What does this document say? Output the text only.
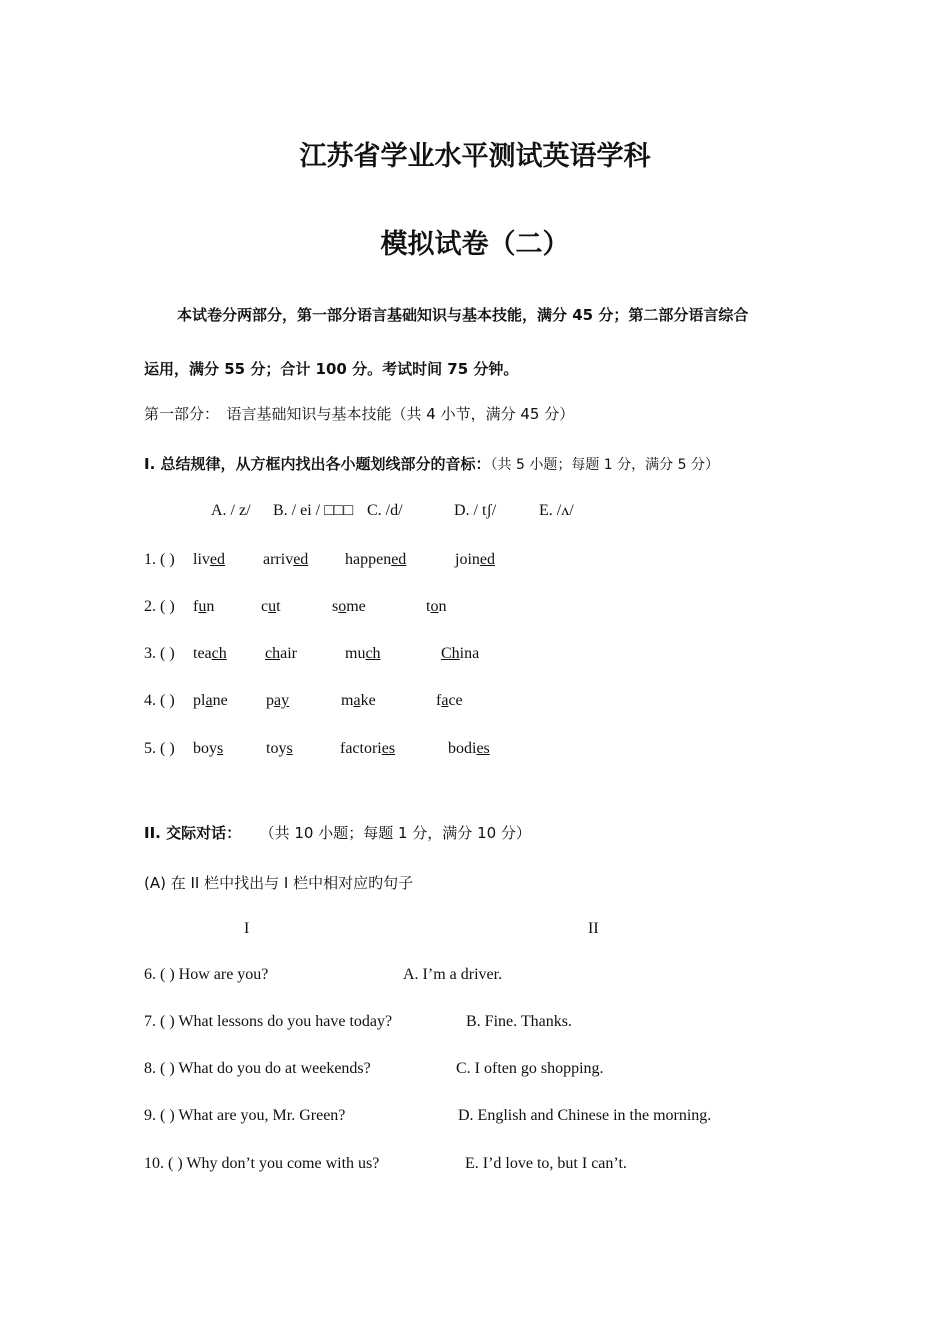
江苏省学业水平测试英语学科
模拟试卷（二）
本试卷分两部分，第一部分语言基础知识与基本技能，满分 45 分；第二部分语言综合
运用，满分 55 分；合计 100 分。考试时间 75 分钟。
第一部分：　语言基础知识与基本技能（共 4 小节，满分 45 分）
I. 总结规律，从方框内找出各小题划线部分的音标：（共 5 小题；每题 1 分，满分 5 分）
A. / z/ B. / ei / □□□ C. /d/	D. / tʃ/	E. /ʌ/
1. ( ) lived arrived happened	joined
2. ( ) fun	cut	some	ton
3. ( ) teach chair	much	China
4. ( ) plane pay	make	face
5. ( ) boys	toys	factories	bodies
II. 交际对话： （共 10 小题；每题 1 分，满分 10 分）
(A) 在 II 栏中找出与 I 栏中相对应旳句子
I	II
6. ( ) How are you?	A. I’m a driver.
7. ( ) What lessons do you have today?	B. Fine. Thanks.
8. ( ) What do you do at weekends?	C. I often go shopping.
9. ( ) What are you, Mr. Green?	D. English and Chinese in the morning.
10. ( ) Why don’t you come with us?	E. I’d love to, but I can’t.
